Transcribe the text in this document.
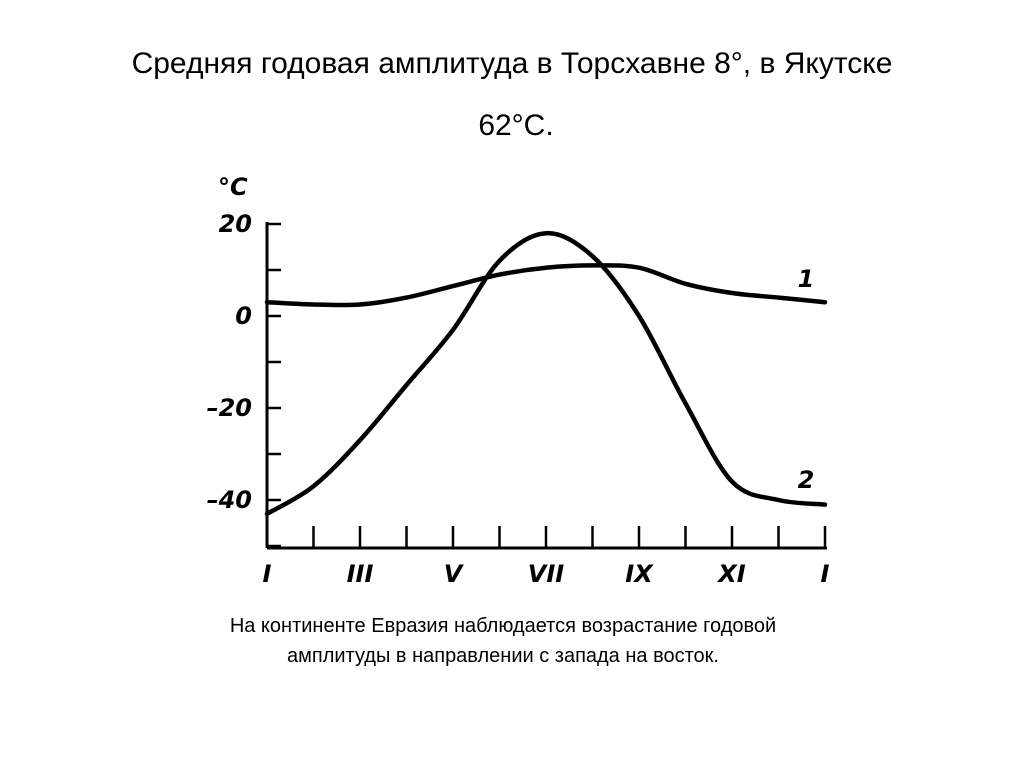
Средняя годовая амплитуда в Торсхавне 8°, в Якутске
62°С.
°С
20
0
–20
–40
I	III	V	VII	IX	XI	I
1
2
На континенте Евразия наблюдается возрастание годовой
амплитуды в направлении с запада на восток.
